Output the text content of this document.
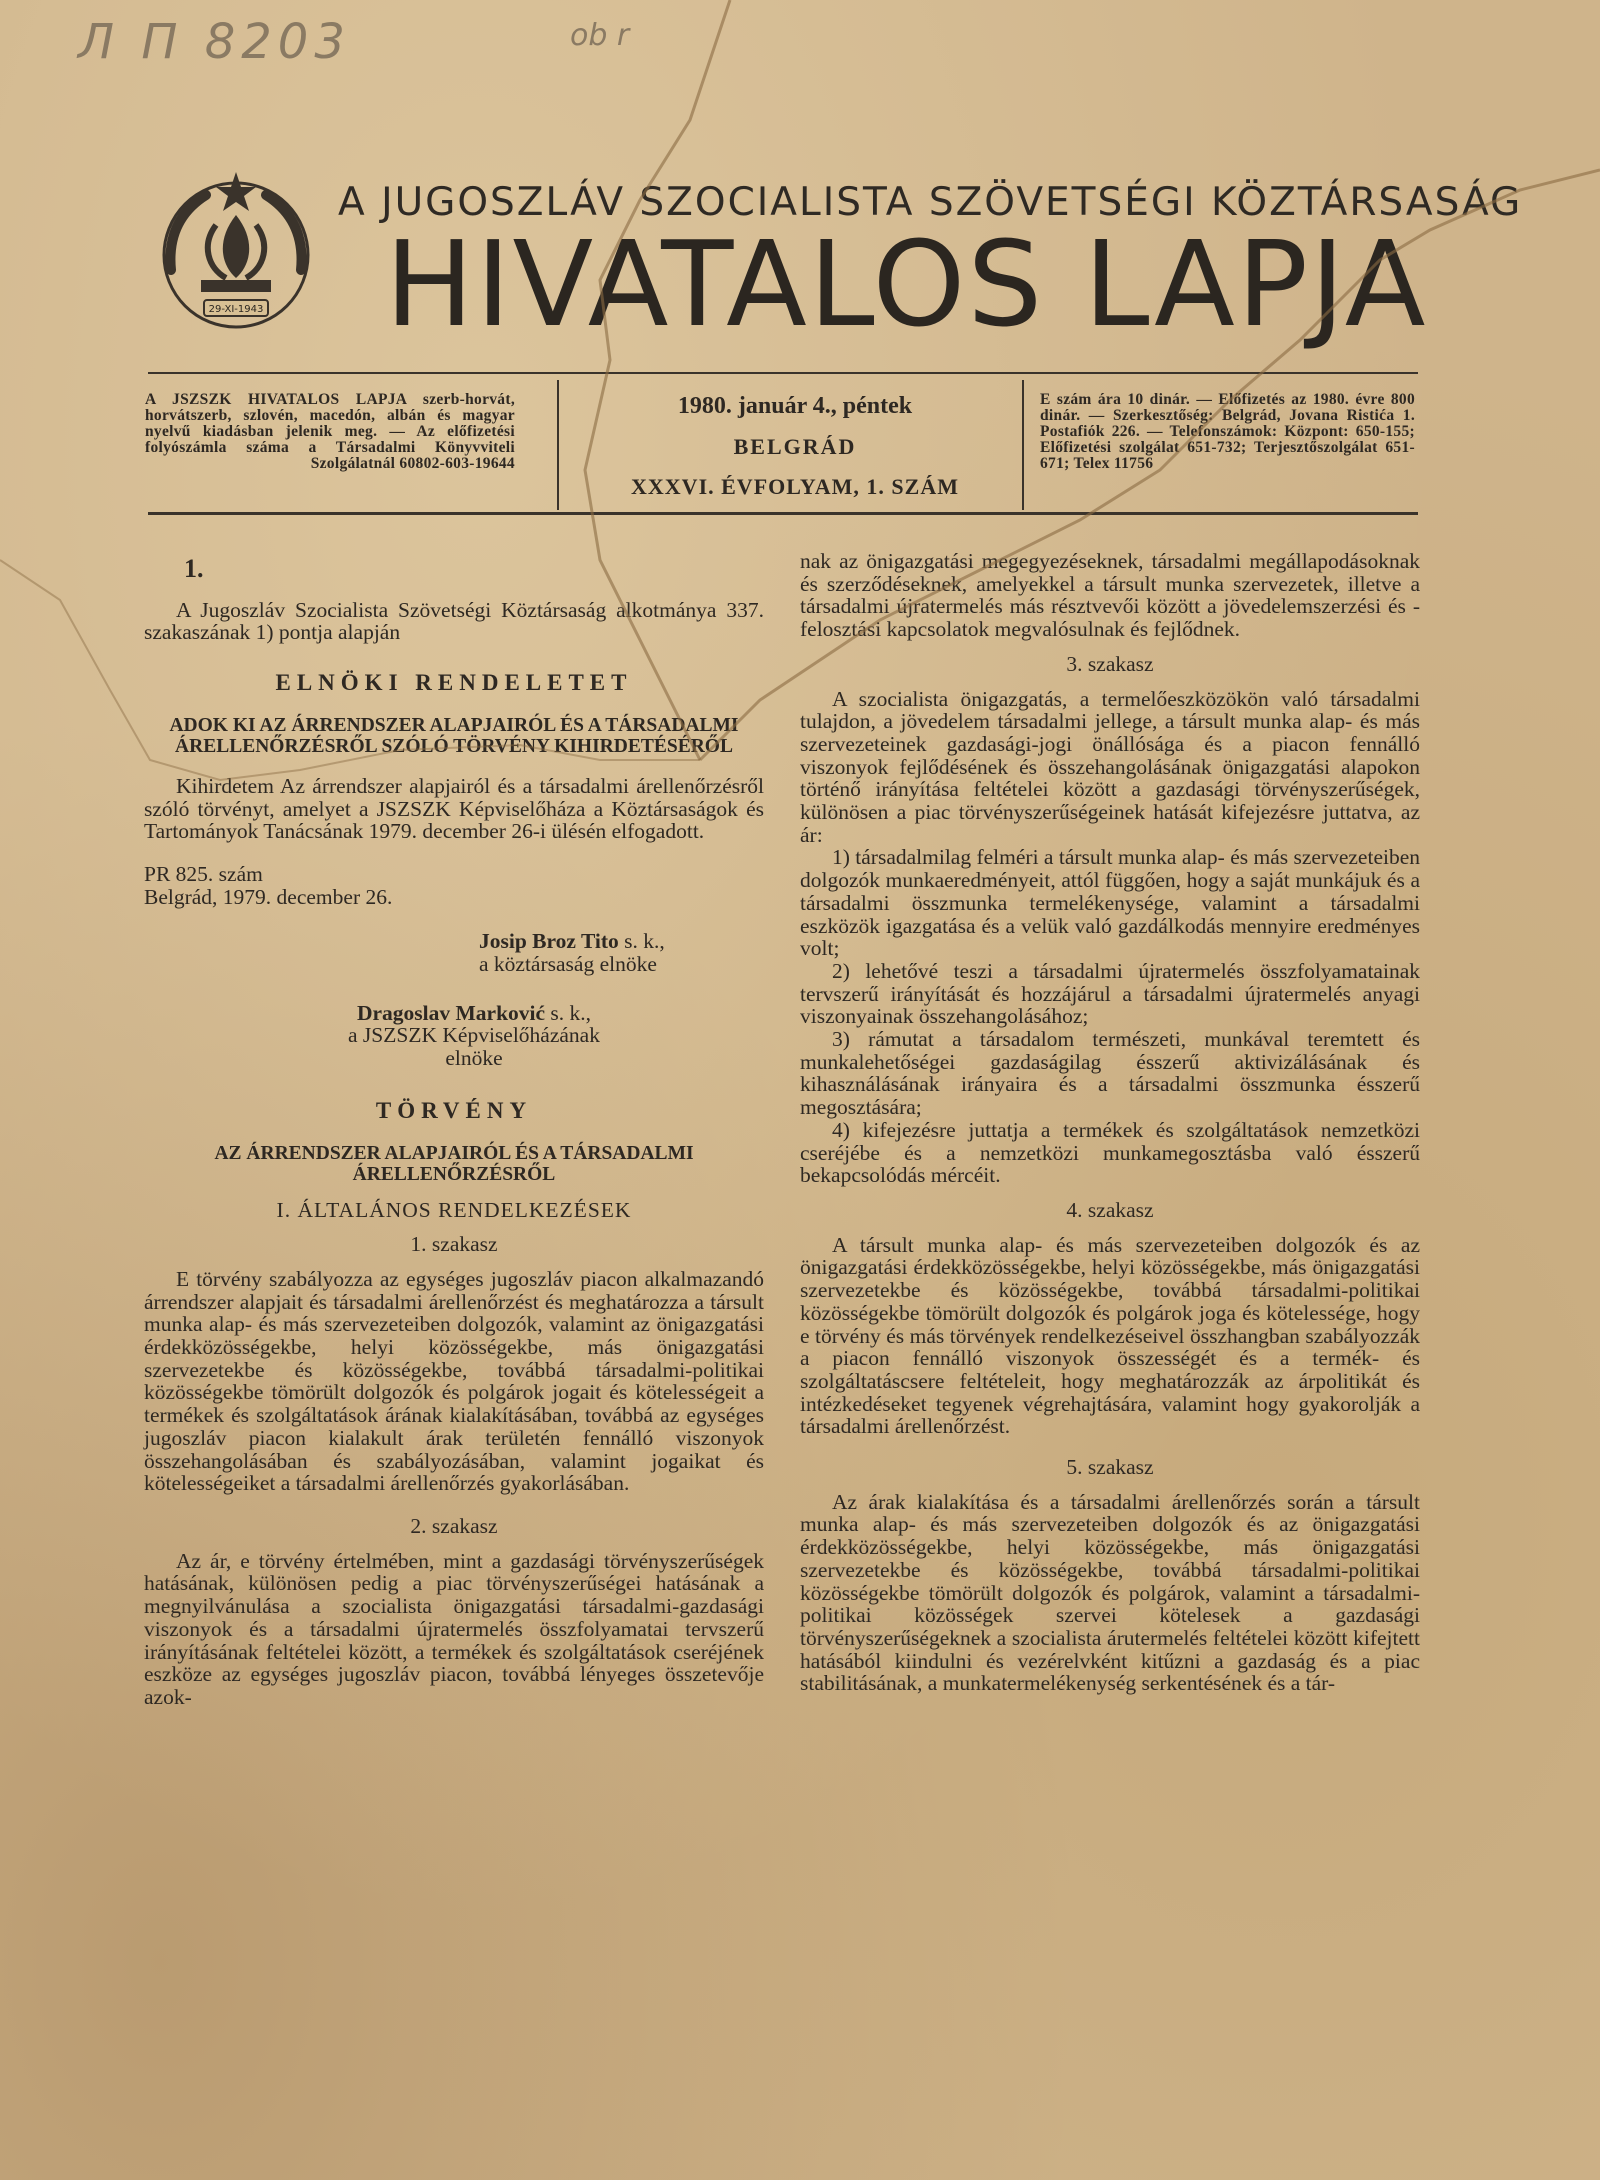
Л П 8203	ob r
29-XI-1943
A JUGOSZLÁV SZOCIALISTA SZÖVETSÉGI KÖZTÁRSASÁG
HIVATALOS LAPJA
A JSZSZK HIVATALOS LAPJA szerb-horvát, horvátszerb, szlovén, macedón, albán és magyar nyelvű kiadásban jelenik meg. — Az előfizetési folyószámla száma a Társadalmi Könyvviteli Szolgálatnál 60802-603-19644
1980. január 4., péntek
BELGRÁD
XXXVI. ÉVFOLYAM, 1. SZÁM
E szám ára 10 dinár. — Előfizetés az 1980. évre 800 dinár. — Szerkesztőség: Belgrád, Jovana Ristića 1. Postafiók 226. — Telefonszámok: Központ: 650-155; Előfizetési szolgálat 651-732; Terjesztőszolgálat 651-671; Telex 11756
1.

A Jugoszláv Szocialista Szövetségi Köztársaság alkotmánya 337. szakaszának 1) pontja alapján

ELNÖKI RENDELETET
ADOK KI AZ ÁRRENDSZER ALAPJAIRÓL ÉS A TÁRSADALMI ÁRELLENŐRZÉSRŐL SZÓLÓ TÖRVÉNY KIHIRDETÉSÉRŐL

Kihirdetem Az árrendszer alapjairól és a társadalmi árellenőrzésről szóló törvényt, amelyet a JSZSZK Képviselőháza a Köztársaságok és Tartományok Tanácsának 1979. december 26-i ülésén elfogadott.

PR 825. szám

Belgrád, 1979. december 26.

Josip Broz Tito s. k.,
a köztársaság elnöke
Dragoslav Marković s. k.,
a JSZSZK Képviselőházának
elnöke
TÖRVÉNY
AZ ÁRRENDSZER ALAPJAIRÓL ÉS A TÁRSADALMI ÁRELLENŐRZÉSRŐL
I. ÁLTALÁNOS RENDELKEZÉSEK
1. szakasz

E törvény szabályozza az egységes jugoszláv piacon alkalmazandó árrendszer alapjait és társadalmi árellenőrzést és meghatározza a társult munka alap- és más szervezeteiben dolgozók, valamint az önigazgatási érdekközösségekbe, helyi közösségekbe, más önigazgatási szervezetekbe és közösségekbe, továbbá társadalmi-politikai közösségekbe tömörült dolgozók és polgárok jogait és kötelességeit a termékek és szolgáltatások árának kialakításában, továbbá az egységes jugoszláv piacon kialakult árak területén fennálló viszonyok összehangolásában és szabályozásában, valamint jogaikat és kötelességeiket a társadalmi árellenőrzés gyakorlásában.

2. szakasz

Az ár, e törvény értelmében, mint a gazdasági törvényszerűségek hatásának, különösen pedig a piac törvényszerűségei hatásának a megnyilvánulása a szocialista önigazgatási társadalmi-gazdasági viszonyok és a társadalmi újratermelés összfolyamatai tervszerű irányításának feltételei között, a termékek és szolgáltatások cseréjének eszköze az egységes jugoszláv piacon, továbbá lényeges összetevője azok-

nak az önigazgatási megegyezéseknek, társadalmi megállapodásoknak és szerződéseknek, amelyekkel a társult munka szervezetek, illetve a társadalmi újratermelés más résztvevői között a jövedelemszerzési és -felosztási kapcsolatok megvalósulnak és fejlődnek.

3. szakasz

A szocialista önigazgatás, a termelőeszközökön való társadalmi tulajdon, a jövedelem társadalmi jellege, a társult munka alap- és más szervezeteinek gazdasági-jogi önállósága és a piacon fennálló viszonyok fejlődésének és összehangolásának önigazgatási alapokon történő irányítása feltételei között a gazdasági törvényszerűségek, különösen a piac törvényszerűségeinek hatását kifejezésre juttatva, az ár:

1) társadalmilag felméri a társult munka alap- és más szervezeteiben dolgozók munkaeredményeit, attól függően, hogy a saját munkájuk és a társadalmi összmunka termelékenysége, valamint a társadalmi eszközök igazgatása és a velük való gazdálkodás mennyire eredményes volt;

2) lehetővé teszi a társadalmi újratermelés összfolyamatainak tervszerű irányítását és hozzájárul a társadalmi újratermelés anyagi viszonyainak összehangolásához;

3) rámutat a társadalom természeti, munkával teremtett és munkalehetőségei gazdaságilag ésszerű aktivizálásának és kihasználásának irányaira és a társadalmi összmunka ésszerű megosztására;

4) kifejezésre juttatja a termékek és szolgáltatások nemzetközi cseréjébe és a nemzetközi munkamegosztásba való ésszerű bekapcsolódás mércéit.

4. szakasz

A társult munka alap- és más szervezeteiben dolgozók és az önigazgatási érdekközösségekbe, helyi közösségekbe, más önigazgatási szervezetekbe és közösségekbe, továbbá társadalmi-politikai közösségekbe tömörült dolgozók és polgárok joga és kötelessége, hogy e törvény és más törvények rendelkezéseivel összhangban szabályozzák a piacon fennálló viszonyok összességét és a termék- és szolgáltatáscsere feltételeit, hogy meghatározzák az árpolitikát és intézkedéseket tegyenek végrehajtására, valamint hogy gyakorolják a társadalmi árellenőrzést.

5. szakasz

Az árak kialakítása és a társadalmi árellenőrzés során a társult munka alap- és más szervezeteiben dolgozók és az önigazgatási érdekközösségekbe, helyi közösségekbe, más önigazgatási szervezetekbe és közösségekbe, továbbá társadalmi-politikai közösségekbe tömörült dolgozók és polgárok, valamint a társadalmi-politikai közösségek szervei kötelesek a gazdasági törvényszerűségeknek a szocialista árutermelés feltételei között kifejtett hatásából kiindulni és vezérelvként kitűzni a gazdaság és a piac stabilitásának, a munkatermelékenység serkentésének és a tár-
